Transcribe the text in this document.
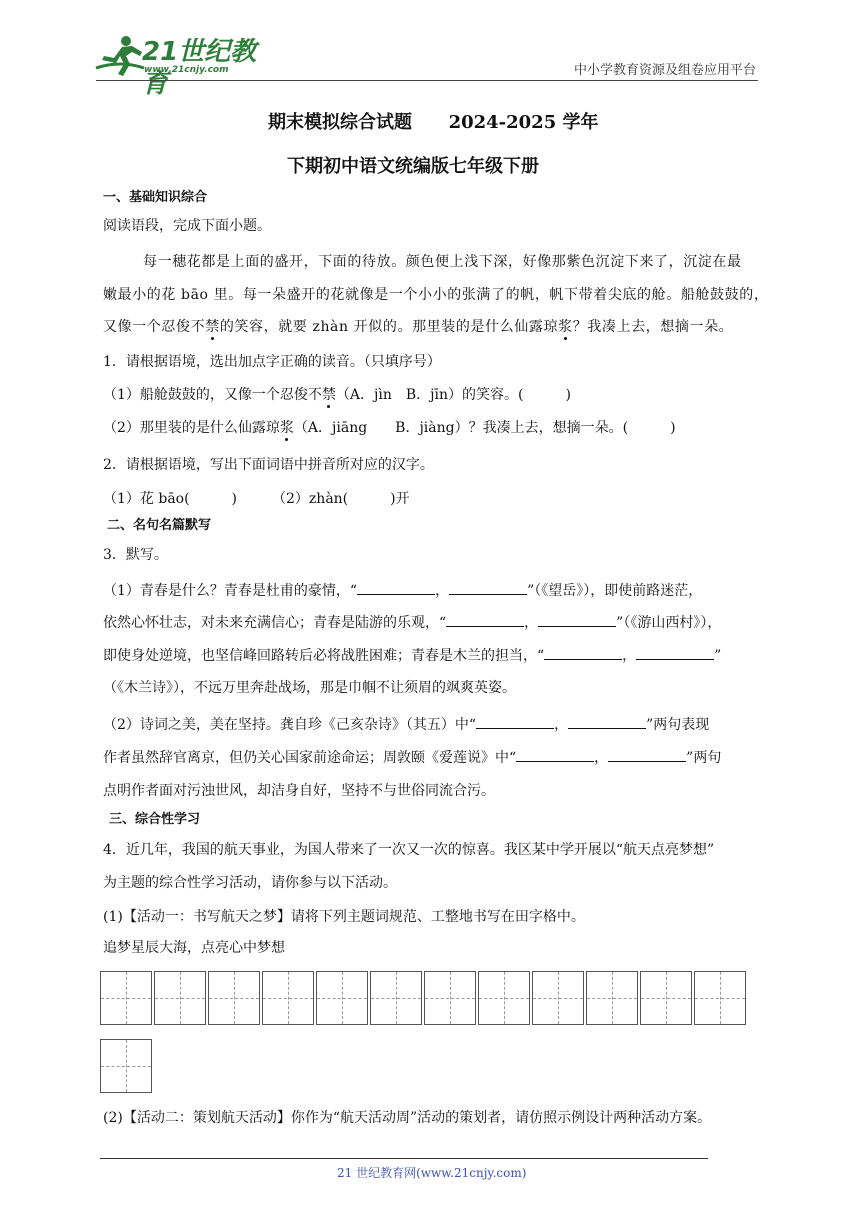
21世纪教育
www.21cnjy.com	中小学教育资源及组卷应用平台
期末模拟综合试题 2024-2025 学年
下期初中语文统编版七年级下册
一、基础知识综合
阅读语段，完成下面小题。
每一穗花都是上面的盛开，下面的待放。颜色便上浅下深，好像那紫色沉淀下来了，沉淀在最
嫩最小的花 bāo 里。每一朵盛开的花就像是一个小小的张满了的帆，帆下带着尖底的舱。船舱鼓鼓的，
又像一个忍俊不禁的笑容，就要 zhàn 开似的。那里装的是什么仙露琼浆？我凑上去，想摘一朵。
1．请根据语境，选出加点字正确的读音。（只填序号）
（1）船舱鼓鼓的，又像一个忍俊不禁（A．jìn　B．jīn）的笑容。(　　　)
（2）那里装的是什么仙露琼浆（A．jiāng　　B．jiàng）？我凑上去，想摘一朵。(　　　)
2．请根据语境，写出下面词语中拼音所对应的汉字。
（1）花 bāo(　　　)　　　（2）zhàn(　　　)开
二、名句名篇默写
3．默写。
（1）青春是什么？青春是杜甫的豪情，“	，	”（《望岳》），即使前路迷茫，
依然心怀壮志，对未来充满信心；青春是陆游的乐观，“	，	”（《游山西村》），
即使身处逆境，也坚信峰回路转后必将战胜困难；青春是木兰的担当，“	，	”
（《木兰诗》），不远万里奔赴战场，那是巾帼不让须眉的飒爽英姿。
（2）诗词之美，美在坚持。龚自珍《己亥杂诗》（其五）中“	，	”两句表现
作者虽然辞官离京，但仍关心国家前途命运；周敦颐《爱莲说》中“	，	”两句
点明作者面对污浊世风，却洁身自好，坚持不与世俗同流合污。
三、综合性学习
4．近几年，我国的航天事业，为国人带来了一次又一次的惊喜。我区某中学开展以“航天点亮梦想”
为主题的综合性学习活动，请你参与以下活动。
(1)【活动一：书写航天之梦】请将下列主题词规范、工整地书写在田字格中。
追梦星辰大海，点亮心中梦想
(2)【活动二：策划航天活动】你作为“航天活动周”活动的策划者，请仿照示例设计两种活动方案。
21 世纪教育网(www.21cnjy.com)
